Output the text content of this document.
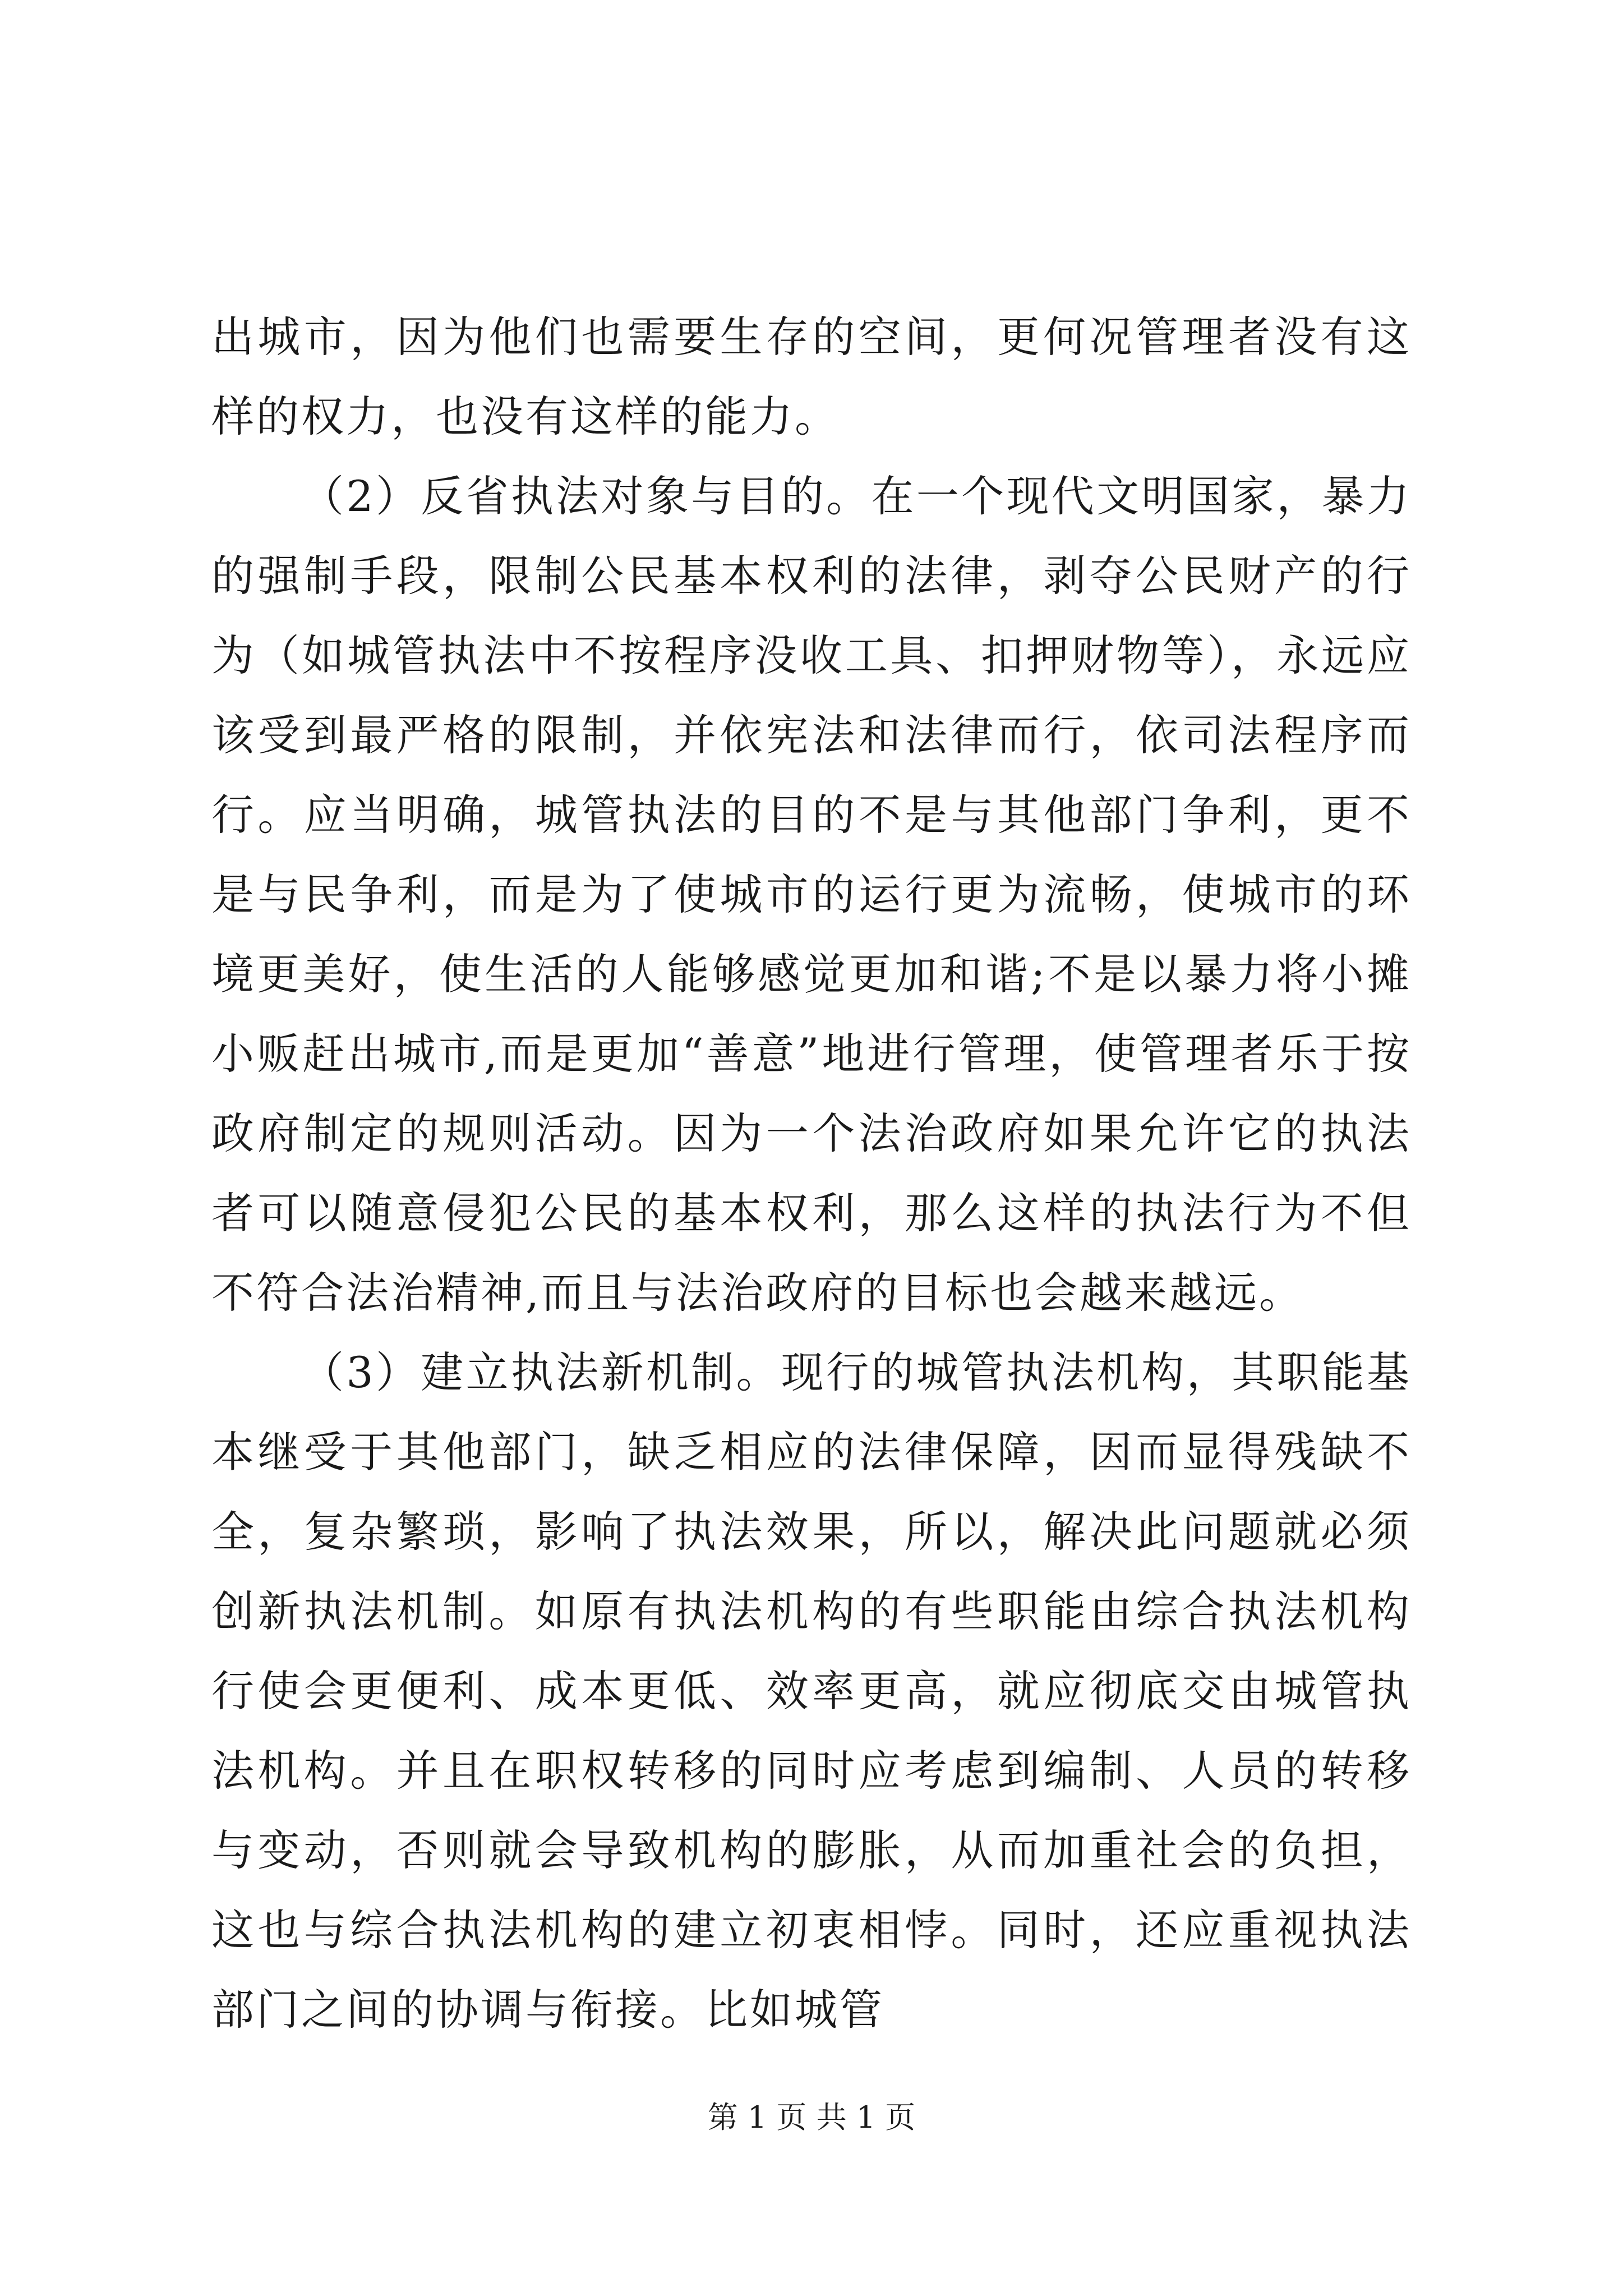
出城市，因为他们也需要生存的空间，更何况管理者没有这样的权力，也没有这样的能力。

（2）反省执法对象与目的。在一个现代文明国家，暴力的强制手段，限制公民基本权利的法律，剥夺公民财产的行为（如城管执法中不按程序没收工具、扣押财物等），永远应该受到最严格的限制，并依宪法和法律而行，依司法程序而行。应当明确，城管执法的目的不是与其他部门争利，更不是与民争利，而是为了使城市的运行更为流畅，使城市的环境更美好，使生活的人能够感觉更加和谐;不是以暴力将小摊小贩赶出城市,而是更加“善意”地进行管理，使管理者乐于按政府制定的规则活动。因为一个法治政府如果允许它的执法者可以随意侵犯公民的基本权利，那么这样的执法行为不但不符合法治精神,而且与法治政府的目标也会越来越远。

（3）建立执法新机制。现行的城管执法机构，其职能基本继受于其他部门，缺乏相应的法律保障，因而显得残缺不全，复杂繁琐，影响了执法效果，所以，解决此问题就必须创新执法机制。如原有执法机构的有些职能由综合执法机构行使会更便利、成本更低、效率更高，就应彻底交由城管执法机构。并且在职权转移的同时应考虑到编制、人员的转移与变动，否则就会导致机构的膨胀，从而加重社会的负担，这也与综合执法机构的建立初衷相悖。同时，还应重视执法部门之间的协调与衔接。比如城管

第 1 页 共 1 页
